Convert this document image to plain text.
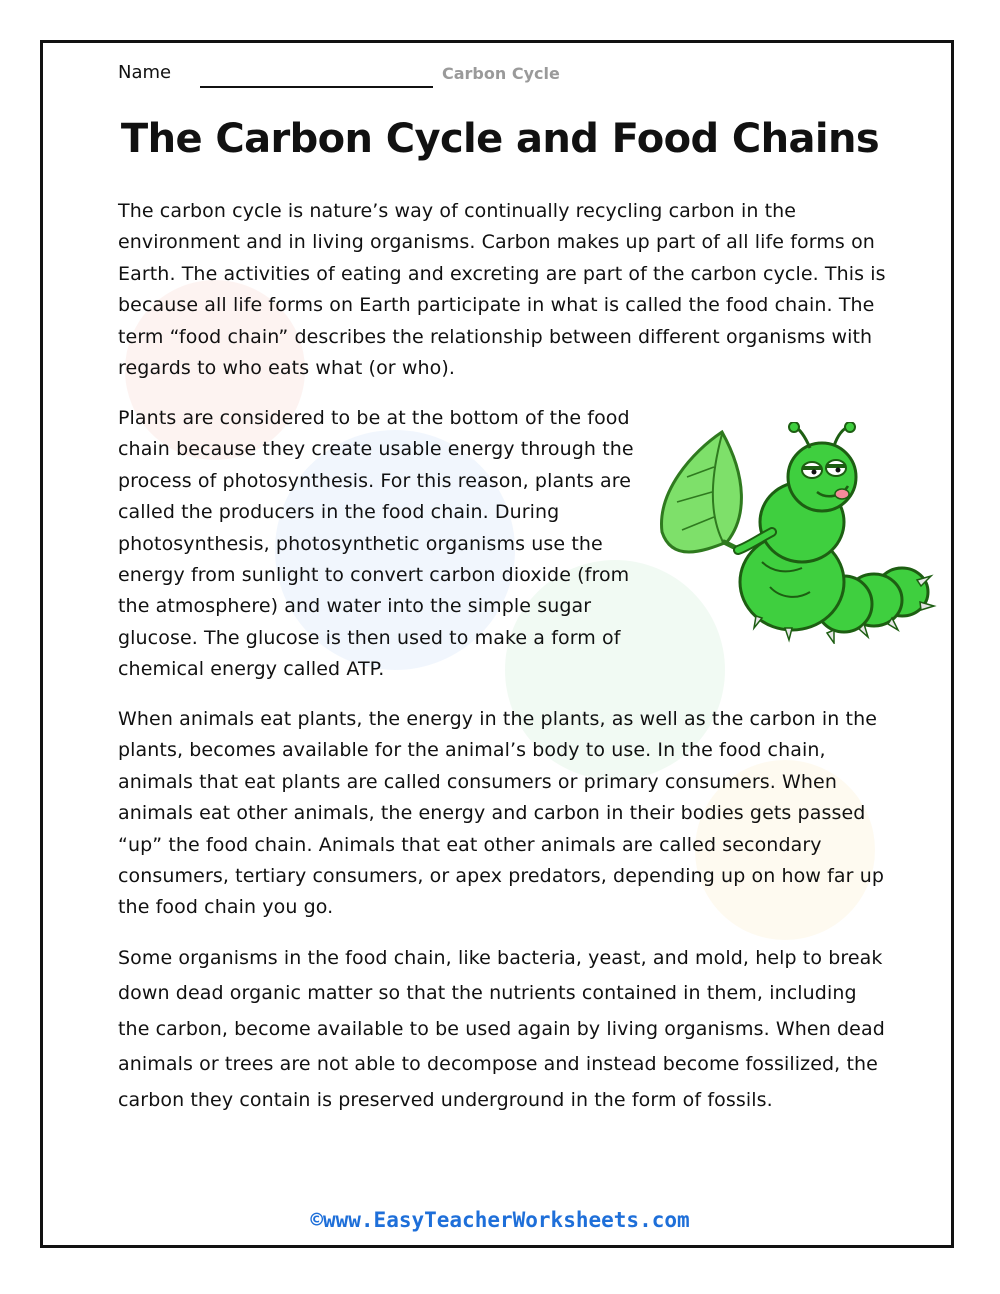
Name	Carbon Cycle
The Carbon Cycle and Food Chains

The carbon cycle is nature’s way of continually recycling carbon in the environment and in living organisms. Carbon makes up part of all life forms on Earth. The activities of eating and excreting are part of the carbon cycle. This is because all life forms on Earth participate in what is called the food chain. The term “food chain” describes the relationship between different organisms with regards to who eats what (or who).

Plants are considered to be at the bottom of the food chain because they create usable energy through the process of photosynthesis. For this reason, plants are called the producers in the food chain. During photosynthesis, photosynthetic organisms use the energy from sunlight to convert carbon dioxide (from the atmosphere) and water into the simple sugar glucose. The glucose is then used to make a form of chemical energy called ATP.

When animals eat plants, the energy in the plants, as well as the carbon in the plants, becomes available for the animal’s body to use. In the food chain, animals that eat plants are called consumers or primary consumers. When animals eat other animals, the energy and carbon in their bodies gets passed “up” the food chain. Animals that eat other animals are called secondary consumers, tertiary consumers, or apex predators, depending up on how far up the food chain you go.

Some organisms in the food chain, like bacteria, yeast, and mold, help to break down dead organic matter so that the nutrients contained in them, including the carbon, become available to be used again by living organisms. When dead animals or trees are not able to decompose and instead become fossilized, the carbon they contain is preserved underground in the form of fossils.

©www.EasyTeacherWorksheets.com
